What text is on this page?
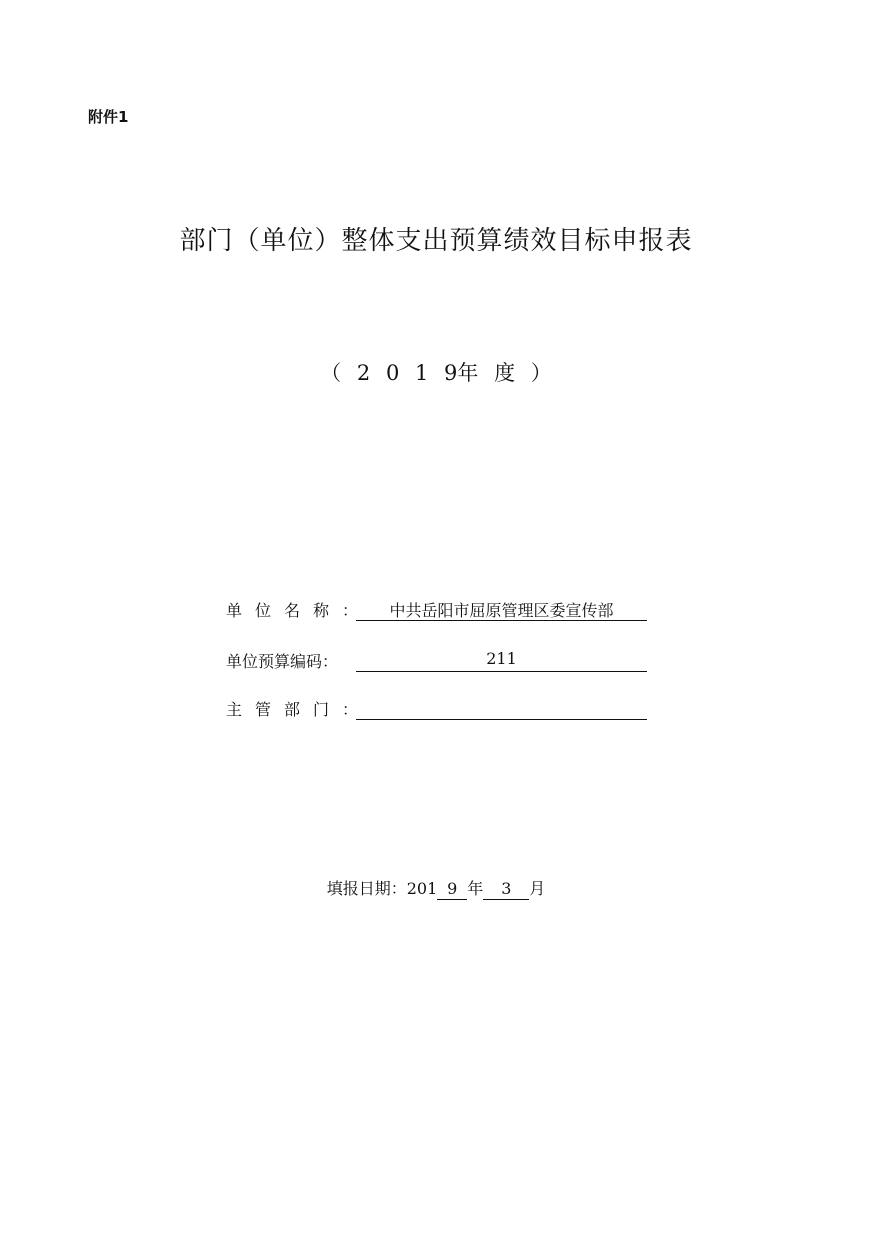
附件1
部门（单位）整体支出预算绩效目标申报表
（ 2 0 1 9年 度 ）
单位名称：	中共岳阳市屈原管理区委宣传部
单位预算编码：	211
主管部门：
填报日期：201 9 年 3 月
